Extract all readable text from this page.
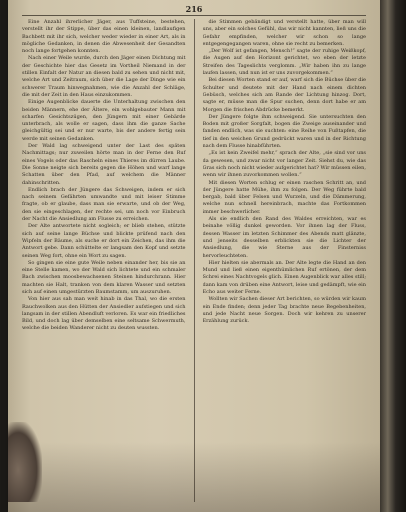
216

Eine Anzahl ihrerlicher Jäger, aus Tuffsteine, bestehen, verstellt ihr der Stippe, über das einen kleinen, landlaufigen Bachbett mit ihr sich, welcher weder wieder in einer Art, als in mögliche Gedanken, in denen die Abwesenheit der Gesandten noch lange fortgehen konnten.

Nach einer Weile wurde, durch den Jäger einen Dichtung mit der Geschichte hier das Gesetz im Vortheil Niemand in der stillen Einfalt der Natur an diesen bald zu sehen und nicht mit, welche Art und Zeitraum, sich über die Lage der Dinge wie ein schwerer Traum hinwegnahmen, wie die Anzahl der Schläge, die mit der Zeit in den Haus einzukommen.

Einige Augenblicke dauerte die Unterhaltung zwischen den beiden Männern, ehe der Ältere, ein wohlgebauter Mann mit scharfen Gesichtszügen, den Jüngern mit einer Gebärde unterbrach, als wolle er sagen, dass ihm die ganze Sache gleichgültig sei und er nur warte, bis der andere fertig sein werde mit seinen Gedanken.

Der Wald lag schweigend unter der Last des späten Nachmittags; nur zuweilen hörte man in der Ferne den Ruf eines Vogels oder das Rascheln eines Thieres im dürren Laube. Die Sonne neigte sich bereits gegen die Höhen und warf lange Schatten über den Pfad, auf welchem die Männer dahinschritten.

Endlich brach der Jüngere das Schweigen, indem er sich nach seinem Gefährten umwandte und mit leiser Stimme fragte, ob er glaube, dass man sie erwarte, und ob der Weg, den sie eingeschlagen, der rechte sei, um noch vor Einbruch der Nacht die Ansiedlung am Flusse zu erreichen.

Der Alte antwortete nicht sogleich; er blieb stehen, stützte sich auf seine lange Büchse und blickte prüfend nach den Wipfeln der Bäume, als suche er dort ein Zeichen, das ihm die Antwort gebe. Dann schüttelte er langsam den Kopf und setzte seinen Weg fort, ohne ein Wort zu sagen.

So gingen sie eine gute Weile neben einander her, bis sie an eine Stelle kamen, wo der Wald sich lichtete und ein schmaler Bach zwischen moosbewachsenen Steinen hindurchrann. Hier machten sie Halt, tranken von dem klaren Wasser und setzten sich auf einen umgestürzten Baumstamm, um auszuruhen.

Von hier aus sah man weit hinab in das Thal, wo die ersten Rauchwolken aus den Hütten der Ansiedler aufstiegen und sich langsam in der stillen Abendluft verloren. Es war ein friedliches Bild, und doch lag über demselben eine seltsame Schwermuth, welche die beiden Wanderer nicht zu deuten wussten.

die Stimmen gebändigt und verstellt hatte, über man will uns, aber ein solches Gefühl, das wir nicht kannten, ließ uns die Gefahr empfinden, welcher wir schon so lange entgegengegangen waren, ohne sie recht zu bemerken.

„Der Wolf ist gefangen, Mensch!“ sagte der ruhige Weißkopf, die Augen auf den Horizont gerichtet, wo eben der letzte Streifen des Tageslichts verglomm. „Wir haben ihn zu lange laufen lassen, und nun ist er uns zuvorgekommen.“

Bei diesen Worten stand er auf, warf sich die Büchse über die Schulter und deutete mit der Hand nach einem dichten Gebüsch, welches sich am Rande der Lichtung hinzog. Dort, sagte er, müsse man die Spur suchen, denn dort habe er am Morgen die frischen Abdrücke bemerkt.

Der Jüngere folgte ihm schweigend. Sie untersuchten den Boden mit großer Sorgfalt, bogen die Zweige auseinander und fanden endlich, was sie suchten: eine Reihe von Fußtapfen, die tief in den weichen Grund gedrückt waren und in der Richtung nach dem Flusse hinabführten.

„Es ist kein Zweifel mehr,“ sprach der Alte, „sie sind vor uns da gewesen, und zwar nicht vor langer Zeit. Siehst du, wie das Gras sich noch nicht wieder aufgerichtet hat? Wir müssen eilen, wenn wir ihnen zuvorkommen wollen.“

Mit diesen Worten schlug er einen raschen Schritt an, und der Jüngere hatte Mühe, ihm zu folgen. Der Weg führte bald bergab, bald über Felsen und Wurzeln, und die Dämmerung, welche nun schnell hereinbrach, machte das Fortkommen immer beschwerlicher.

Als sie endlich den Rand des Waldes erreichten, war es beinahe völlig dunkel geworden. Vor ihnen lag der Fluss, dessen Wasser im letzten Schimmer des Abends matt glänzte, und jenseits desselben erblickten sie die Lichter der Ansiedlung, die wie Sterne aus der Finsterniss hervorleuchteten.

Hier hielten sie abermals an. Der Alte legte die Hand an den Mund und ließ einen eigenthümlichen Ruf ertönen, der dem Schrei eines Nachtvogels glich. Einen Augenblick war alles still; dann kam von drüben eine Antwort, leise und gedämpft, wie ein Echo aus weiter Ferne.

Wollten wir Sachen dieser Art berichten, so würden wir kaum ein Ende finden; denn jeder Tag brachte neue Begebenheiten, und jede Nacht neue Sorgen. Doch wir kehren zu unserer Erzählung zurück.
